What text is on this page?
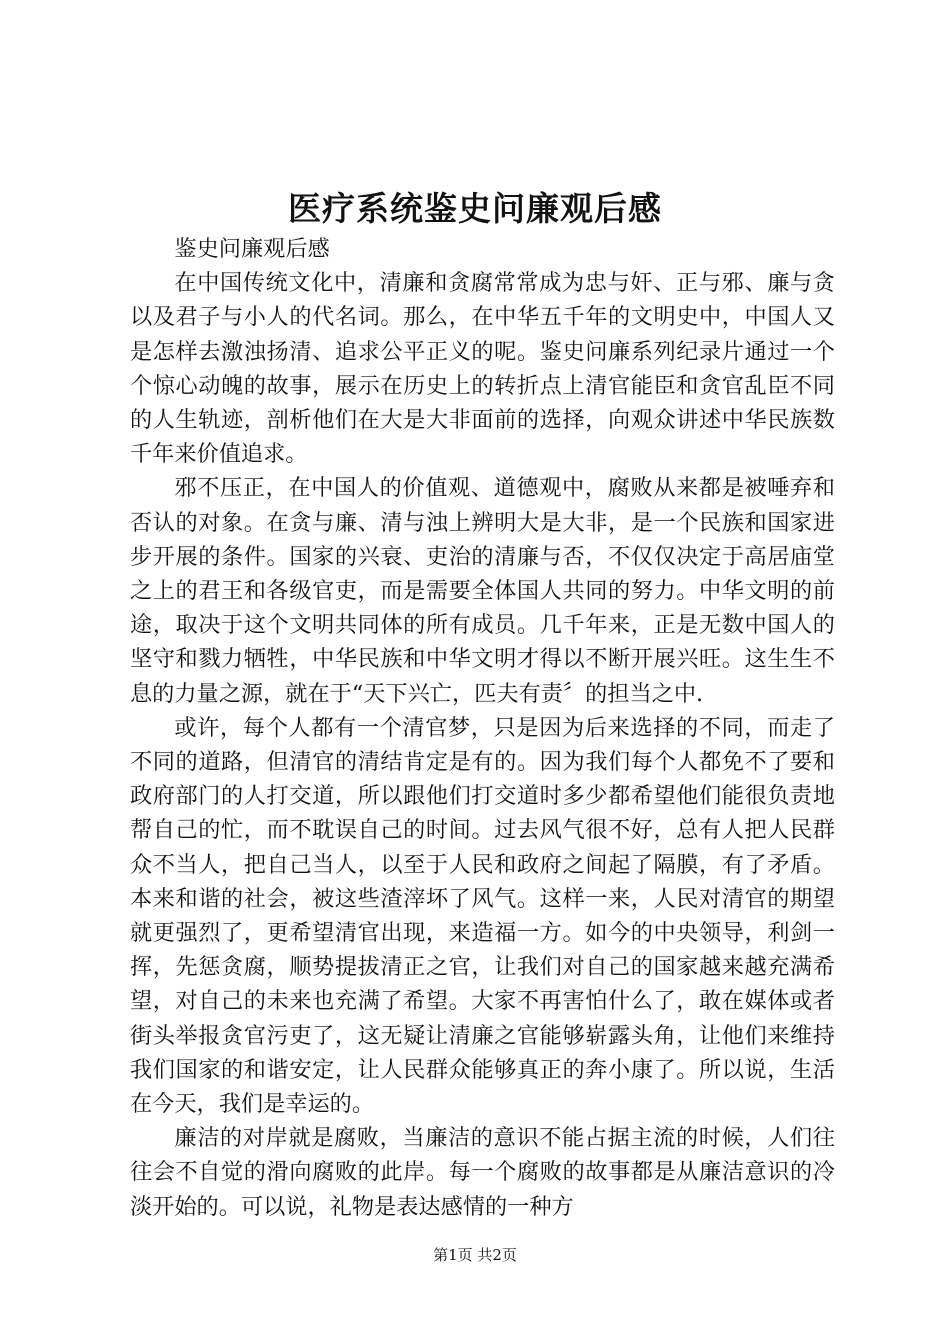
医疗系统鉴史问廉观后感

鉴史问廉观后感

在中国传统文化中，清廉和贪腐常常成为忠与奸、正与邪、廉与贪以及君子与小人的代名词。那么，在中华五千年的文明史中，中国人又是怎样去激浊扬清、追求公平正义的呢。鉴史问廉系列纪录片通过一个个惊心动魄的故事，展示在历史上的转折点上清官能臣和贪官乱臣不同的人生轨迹，剖析他们在大是大非面前的选择，向观众讲述中华民族数千年来价值追求。

邪不压正，在中国人的价值观、道德观中，腐败从来都是被唾弃和否认的对象。在贪与廉、清与浊上辨明大是大非，是一个民族和国家进步开展的条件。国家的兴衰、吏治的清廉与否，不仅仅决定于高居庙堂之上的君王和各级官吏，而是需要全体国人共同的努力。中华文明的前途，取决于这个文明共同体的所有成员。几千年来，正是无数中国人的坚守和戮力牺牲，中华民族和中华文明才得以不断开展兴旺。这生生不息的力量之源，就在于“天下兴亡，匹夫有责〞的担当之中.

或许，每个人都有一个清官梦，只是因为后来选择的不同，而走了不同的道路，但清官的清结肯定是有的。因为我们每个人都免不了要和政府部门的人打交道，所以跟他们打交道时多少都希望他们能很负责地帮自己的忙，而不耽误自己的时间。过去风气很不好，总有人把人民群众不当人，把自己当人，以至于人民和政府之间起了隔膜，有了矛盾。本来和谐的社会，被这些渣滓坏了风气。这样一来，人民对清官的期望就更强烈了，更希望清官出现，来造福一方。如今的中央领导，利剑一挥，先惩贪腐，顺势提拔清正之官，让我们对自己的国家越来越充满希望，对自己的未来也充满了希望。大家不再害怕什么了，敢在媒体或者街头举报贪官污吏了，这无疑让清廉之官能够崭露头角，让他们来维持我们国家的和谐安定，让人民群众能够真正的奔小康了。所以说，生活在今天，我们是幸运的。

廉洁的对岸就是腐败，当廉洁的意识不能占据主流的时候，人们往往会不自觉的滑向腐败的此岸。每一个腐败的故事都是从廉洁意识的冷淡开始的。可以说，礼物是表达感情的一种方

第1页 共2页
